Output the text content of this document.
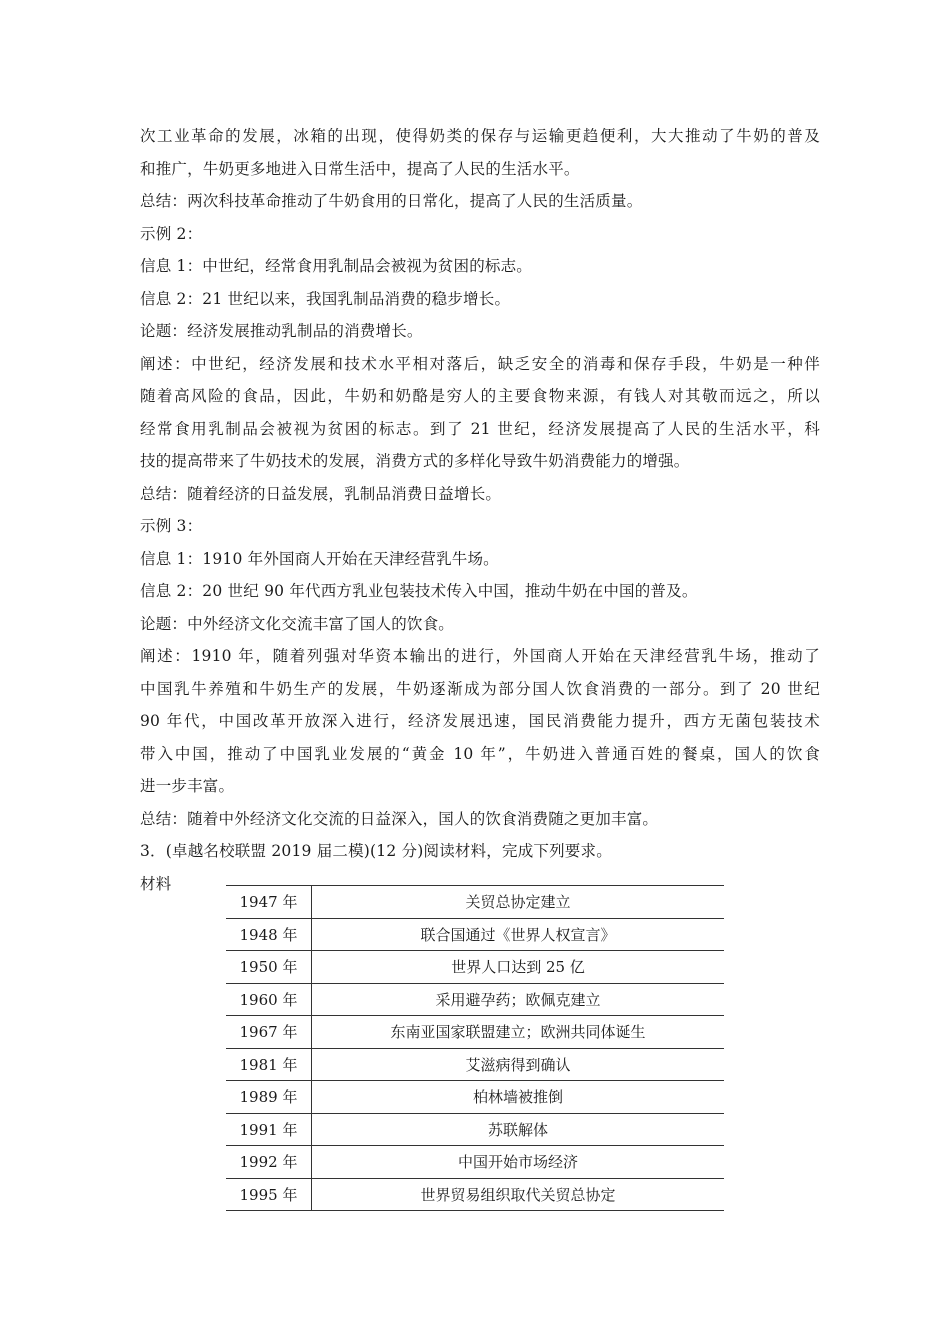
次工业革命的发展，冰箱的出现，使得奶类的保存与运输更趋便利，大大推动了牛奶的普及
和推广，牛奶更多地进入日常生活中，提高了人民的生活水平。
总结：两次科技革命推动了牛奶食用的日常化，提高了人民的生活质量。
示例 2：
信息 1：中世纪，经常食用乳制品会被视为贫困的标志。
信息 2：21 世纪以来，我国乳制品消费的稳步增长。
论题：经济发展推动乳制品的消费增长。
阐述：中世纪，经济发展和技术水平相对落后，缺乏安全的消毒和保存手段，牛奶是一种伴
随着高风险的食品，因此，牛奶和奶酪是穷人的主要食物来源，有钱人对其敬而远之，所以
经常食用乳制品会被视为贫困的标志。到了 21 世纪，经济发展提高了人民的生活水平，科
技的提高带来了牛奶技术的发展，消费方式的多样化导致牛奶消费能力的增强。
总结：随着经济的日益发展，乳制品消费日益增长。
示例 3：
信息 1：1910 年外国商人开始在天津经营乳牛场。
信息 2：20 世纪 90 年代西方乳业包装技术传入中国，推动牛奶在中国的普及。
论题：中外经济文化交流丰富了国人的饮食。
阐述：1910 年，随着列强对华资本输出的进行，外国商人开始在天津经营乳牛场，推动了
中国乳牛养殖和牛奶生产的发展，牛奶逐渐成为部分国人饮食消费的一部分。到了 20 世纪
90 年代，中国改革开放深入进行，经济发展迅速，国民消费能力提升，西方无菌包装技术
带入中国，推动了中国乳业发展的“黄金 10 年”，牛奶进入普通百姓的餐桌，国人的饮食
进一步丰富。
总结：随着中外经济文化交流的日益深入，国人的饮食消费随之更加丰富。
3．(卓越名校联盟 2019 届二模)(12 分)阅读材料，完成下列要求。
材料
1947 年	关贸总协定建立
1948 年	联合国通过《世界人权宣言》
1950 年	世界人口达到 25 亿
1960 年	采用避孕药；欧佩克建立
1967 年	东南亚国家联盟建立；欧洲共同体诞生
1981 年	艾滋病得到确认
1989 年	柏林墙被推倒
1991 年	苏联解体
1992 年	中国开始市场经济
1995 年	世界贸易组织取代关贸总协定
